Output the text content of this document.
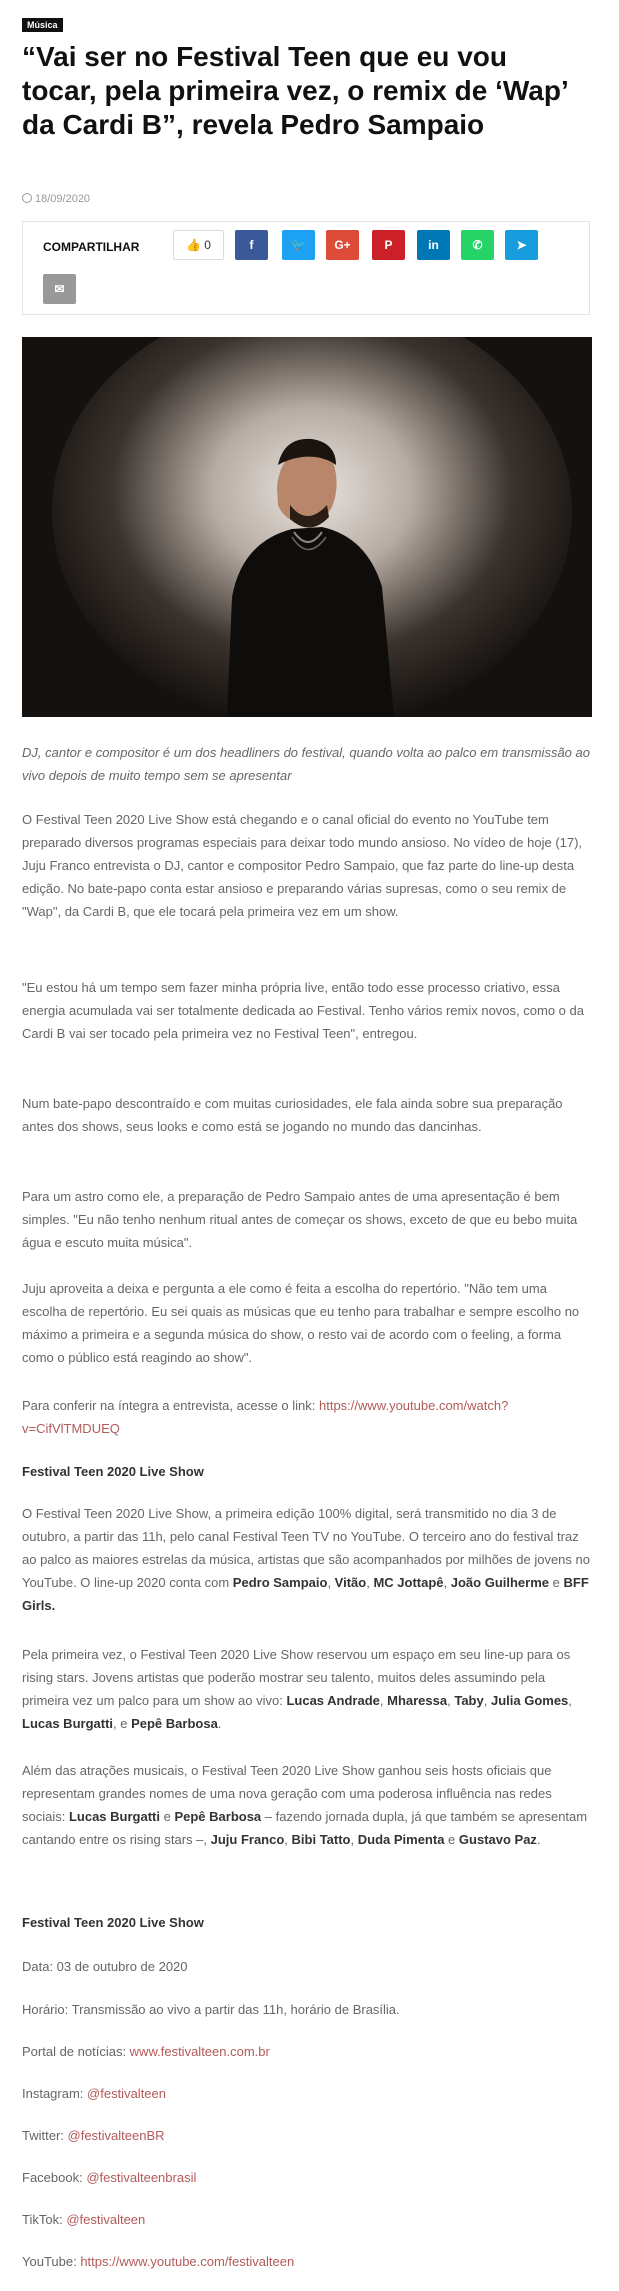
Música
“Vai ser no Festival Teen que eu vou tocar, pela primeira vez, o remix de ‘Wap’ da Cardi B”, revela Pedro Sampaio
18/09/2020
COMPARTILHAR	👍 0	f	🐦	G+	P	in	✆	➤
✉

DJ, cantor e compositor é um dos headliners do festival, quando volta ao palco em transmissão ao vivo depois de muito tempo sem se apresentar

O Festival Teen 2020 Live Show está chegando e o canal oficial do evento no YouTube tem preparado diversos programas especiais para deixar todo mundo ansioso. No vídeo de hoje (17), Juju Franco entrevista o DJ, cantor e compositor Pedro Sampaio, que faz parte do line-up desta edição. No bate-papo conta estar ansioso e preparando várias supresas, como o seu remix de "Wap", da Cardi B, que ele tocará pela primeira vez em um show.

"Eu estou há um tempo sem fazer minha própria live, então todo esse processo criativo, essa energia acumulada vai ser totalmente dedicada ao Festival. Tenho vários remix novos, como o da Cardi B vai ser tocado pela primeira vez no Festival Teen", entregou.

Num bate-papo descontraído e com muitas curiosidades, ele fala ainda sobre sua preparação antes dos shows, seus looks e como está se jogando no mundo das dancinhas.

Para um astro como ele, a preparação de Pedro Sampaio antes de uma apresentação é bem simples. "Eu não tenho nenhum ritual antes de começar os shows, exceto de que eu bebo muita água e escuto muita música".

Juju aproveita a deixa e pergunta a ele como é feita a escolha do repertório. "Não tem uma escolha de repertório. Eu sei quais as músicas que eu tenho para trabalhar e sempre escolho no máximo a primeira e a segunda música do show, o resto vai de acordo com o feeling, a forma como o público está reagindo ao show".

Para conferir na íntegra a entrevista, acesse o link: https://www.youtube.com/watch?v=CifVlTMDUEQ

Festival Teen 2020 Live Show

O Festival Teen 2020 Live Show, a primeira edição 100% digital, será transmitido no dia 3 de outubro, a partir das 11h, pelo canal Festival Teen TV no YouTube. O terceiro ano do festival traz ao palco as maiores estrelas da música, artistas que são acompanhados por milhões de jovens no YouTube. O line-up 2020 conta com Pedro Sampaio, Vitão, MC Jottapê, João Guilherme e BFF Girls.

Pela primeira vez, o Festival Teen 2020 Live Show reservou um espaço em seu line-up para os rising stars. Jovens artistas que poderão mostrar seu talento, muitos deles assumindo pela primeira vez um palco para um show ao vivo: Lucas Andrade, Mharessa, Taby, Julia Gomes, Lucas Burgatti, e Pepê Barbosa.

Além das atrações musicais, o Festival Teen 2020 Live Show ganhou seis hosts oficiais que representam grandes nomes de uma nova geração com uma poderosa influência nas redes sociais: Lucas Burgatti e Pepê Barbosa – fazendo jornada dupla, já que também se apresentam cantando entre os rising stars –, Juju Franco, Bibi Tatto, Duda Pimenta e Gustavo Paz.

Festival Teen 2020 Live Show

Data: 03 de outubro de 2020

Horário: Transmissão ao vivo a partir das 11h, horário de Brasília.

Portal de notícias: www.festivalteen.com.br

Instagram: @festivalteen

Twitter: @festivalteenBR

Facebook: @festivalteenbrasil

TikTok: @festivalteen

YouTube: https://www.youtube.com/festivalteen
